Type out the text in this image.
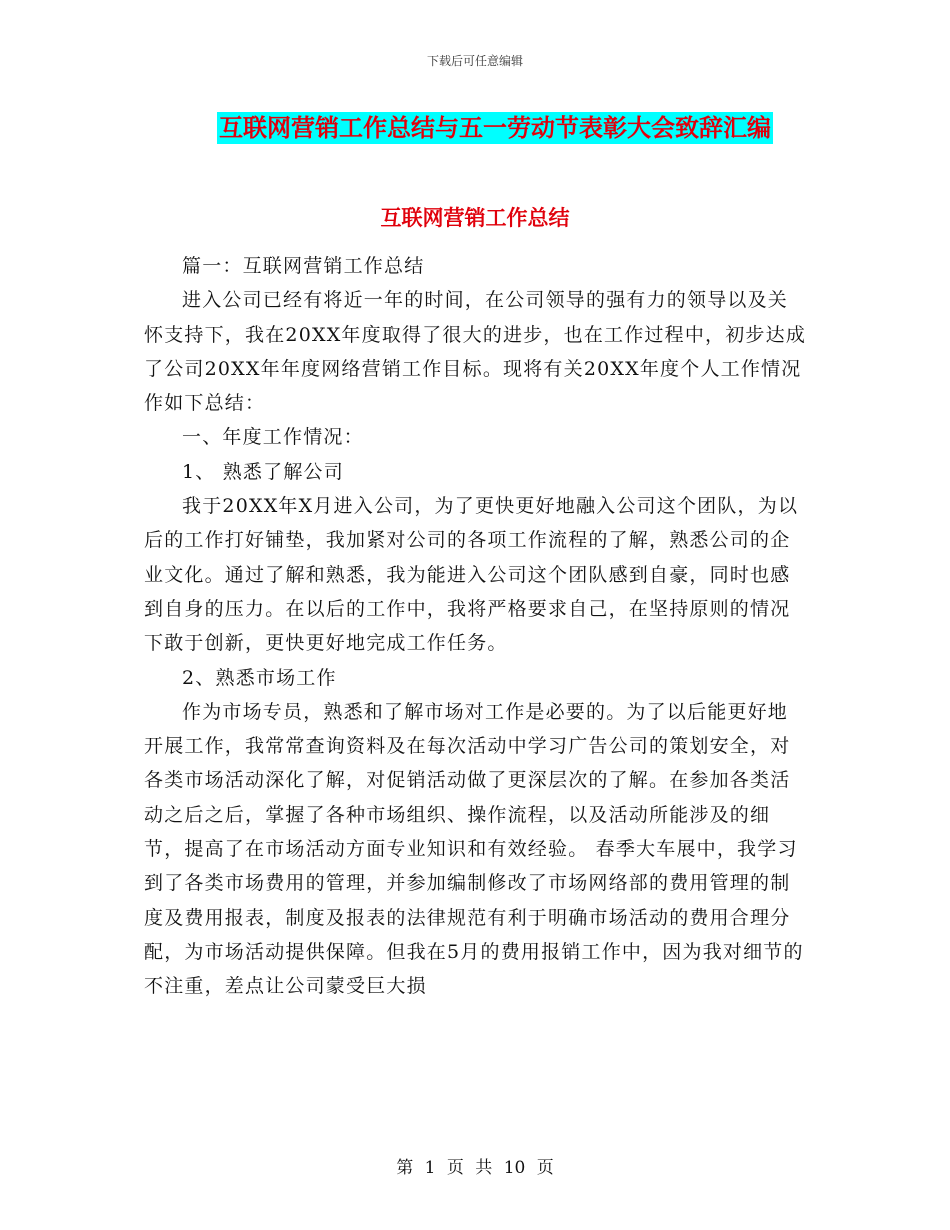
下载后可任意编辑
互联网营销工作总结与五一劳动节表彰大会致辞汇编
互联网营销工作总结

篇一：互联网营销工作总结

进入公司已经有将近一年的时间，在公司领导的强有力的领导以及关怀支持下，我在20XX年度取得了很大的进步，也在工作过程中，初步达成了公司20XX年年度网络营销工作目标。现将有关20XX年度个人工作情况作如下总结：

一、年度工作情况：

1、 熟悉了解公司

我于20XX年X月进入公司，为了更快更好地融入公司这个团队，为以后的工作打好铺垫，我加紧对公司的各项工作流程的了解，熟悉公司的企业文化。通过了解和熟悉，我为能进入公司这个团队感到自豪，同时也感到自身的压力。在以后的工作中，我将严格要求自己，在坚持原则的情况下敢于创新，更快更好地完成工作任务。

2、熟悉市场工作

作为市场专员，熟悉和了解市场对工作是必要的。为了以后能更好地开展工作，我常常查询资料及在每次活动中学习广告公司的策划安全，对各类市场活动深化了解，对促销活动做了更深层次的了解。在参加各类活动之后之后，掌握了各种市场组织、操作流程，以及活动所能涉及的细节，提高了在市场活动方面专业知识和有效经验。 春季大车展中，我学习到了各类市场费用的管理，并参加编制修改了市场网络部的费用管理的制度及费用报表，制度及报表的法律规范有利于明确市场活动的费用合理分配，为市场活动提供保障。但我在5月的费用报销工作中，因为我对细节的不注重，差点让公司蒙受巨大损

第 1 页 共 10 页
